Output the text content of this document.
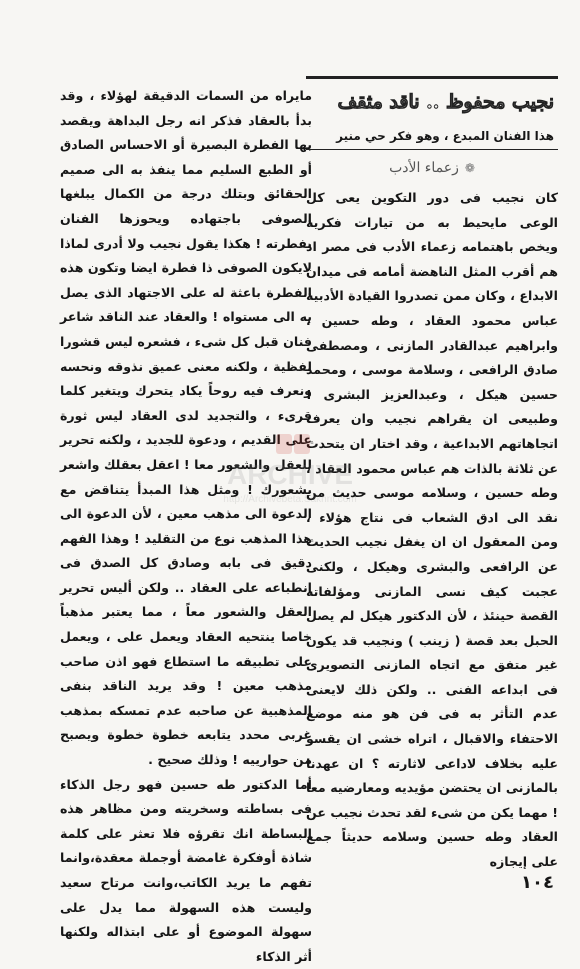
نجيب محفوظ .. ناقد مثقف
هذا الفنان المبدع ، وهو فكر حي منير
❁زعماء الأدب

كان نجيب فى دور التكوين يعى كل الوعى مايحيط به من تيارات فكرية ويخص باهتمامه زعماء الأدب فى مصر اذ هم أقرب المثل الناهضة أمامه فى ميدان الابداع ، وكان ممن تصدروا القيادة الأدبية عباس محمود العقاد ، وطه حسين ، وابراهيم عبدالقادر المازنى ، ومصطفى صادق الرافعى ، وسلامة موسى ، ومحمد حسين هيكل ، وعبدالعزيز البشرى ! وطبيعى ان يقراهم نجيب وان يعرف اتجاهاتهم الابداعية ، وقد اختار ان يتحدث عن ثلاثة بالذات هم عباس محمود العقاد ، وطه حسين ، وسلامه موسى حديث من نقد الى ادق الشعاب فى نتاج هؤلاء ، ومن المعقول ان ان يغفل نجيب الحديث عن الرافعى والبشرى وهيكل ، ولكنى عجبت كيف نسى المازنى ومؤلفاته القصة حينئذ ، لأن الدكتور هيكل لم يصل الحبل بعد قصة ( زينب ) ونجيب قد يكون غير متفق مع اتجاه المازنى التصويرى فى ابداعه الفنى .. ولكن ذلك لايعنى عدم التأثر به فى فن هو منه موضع الاحتفاء والاقبال ، اتراه خشى ان يقسو عليه بخلاف لاداعى لاثارته ؟ ان عهدنا بالمازنى ان يحتضن مؤيديه ومعارضيه معا ! مهما يكن من شىء لقد تحدث نجيب عن العقاد وطه حسين وسلامه حديثاً جمع على إيجازه

مايراه من السمات الدقيقة لهؤلاء ، وقد بدأ بالعقاد فذكر انه رجل البداهة ويقصد بها الفطرة البصيرة أو الاحساس الصادق أو الطبع السليم مما ينفذ به الى صميم الحقائق وبتلك درجة من الكمال يبلغها الصوفى باجتهاده ويحوزها الفنان بفطرته ! هكذا يقول نجيب ولا أدرى لماذا لايكون الصوفى ذا فطرة ايضا وتكون هذه الفطرة باعثة له على الاجتهاد الذى يصل به الى مستواه ! والعقاد عند الناقد شاعر فنان قبل كل شىء ، فشعره ليس قشورا لفظية ، ولكنه معنى عميق نذوقه ونحسه ونعرف فيه روحاً يكاد يتحرك ويتغير كلما قرىء ، والتجديد لدى العقاد ليس ثورة على القديم ، ودعوة للجديد ، ولكنه تحرير للعقل والشعور معا ! اعقل بعقلك واشعر بشعورك ! ومثل هذا المبدأ يتناقض مع الدعوة الى مذهب معين ، لأن الدعوة الى هذا المذهب نوع من التقليد ! وهذا الفهم دقيق فى بابه وصادق كل الصدق فى انطباعه على العقاد .. ولكن أليس تحرير العقل والشعور معاً ، مما يعتبر مذهباً خاصا ينتحيه العقاد ويعمل على ، ويعمل على تطبيقه ما استطاع فهو اذن صاحب مذهب معين ! وقد يريد الناقد بنفى المذهبية عن صاحبه عدم تمسكه بمذهب غربى محدد يتابعه خطوة خطوة ويصبح من حوارييه ! وذلك صحيح .

أما الدكتور طه حسين فهو رجل الذكاء فى بساطته وسخريته ومن مظاهر هذه البساطة انك تقرؤه فلا تعثر على كلمة شاذة أوفكرة غامضة أوجملة معقدة،وانما تفهم ما يريد الكاتب،وانت مرتاح سعيد وليست هذه السهولة مما يدل على سهولة الموضوع أو على ابتذاله ولكنها أثر الذكاء

ARCHIVE
http://Archivebeta.Sakhrit.com
١٠٤
